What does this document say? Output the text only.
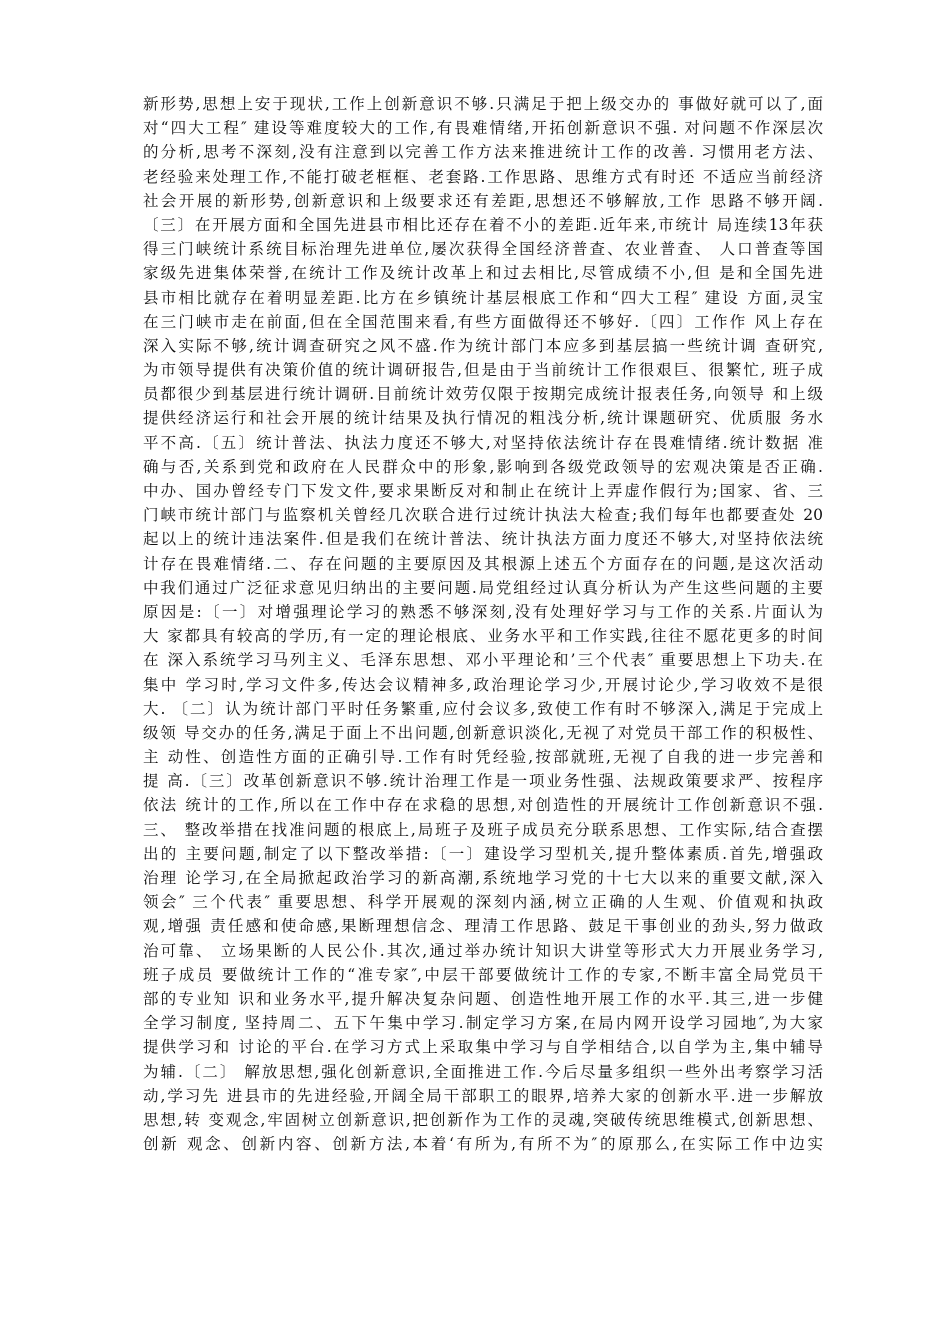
新形势,思想上安于现状,工作上创新意识不够.只满足于把上级交办的 事做好就可以了,面
对“四大工程″ 建设等难度较大的工作,有畏难情绪,开拓创新意识不强. 对问题不作深层次
的分析,思考不深刻,没有注意到以完善工作方法来推进统计工作的改善. 习惯用老方法、
老经验来处理工作,不能打破老框框、老套路.工作思路、思维方式有时还 不适应当前经济
社会开展的新形势,创新意识和上级要求还有差距,思想还不够解放,工作 思路不够开阔.
〔三〕在开展方面和全国先进县市相比还存在着不小的差距.近年来,市统计 局连续13年获
得三门峡统计系统目标治理先进单位,屡次获得全国经济普查、农业普查、 人口普查等国
家级先进集体荣誉,在统计工作及统计改革上和过去相比,尽管成绩不小,但 是和全国先进
县市相比就存在着明显差距.比方在乡镇统计基层根底工作和“四大工程″ 建设 方面,灵宝
在三门峡市走在前面,但在全国范围来看,有些方面做得还不够好.〔四〕工作作 风上存在
深入实际不够,统计调查研究之风不盛.作为统计部门本应多到基层搞一些统计调 查研究,
为市领导提供有决策价值的统计调研报告,但是由于当前统计工作很艰巨、很繁忙, 班子成
员都很少到基层进行统计调研.目前统计效劳仅限于按期完成统计报表任务,向领导 和上级
提供经济运行和社会开展的统计结果及执行情况的粗浅分析,统计课题研究、优质服 务水
平不高.〔五〕统计普法、执法力度还不够大,对坚持依法统计存在畏难情绪.统计数据 准
确与否,关系到党和政府在人民群众中的形象,影响到各级党政领导的宏观决策是否正确.
中办、国办曾经专门下发文件,要求果断反对和制止在统计上弄虚作假行为;国家、省、三
门峡市统计部门与监察机关曾经几次联合进行过统计执法大检查;我们每年也都要查处 20
起以上的统计违法案件.但是我们在统计普法、统计执法方面力度还不够大,对坚持依法统
计存在畏难情绪.二、存在问题的主要原因及其根源上述五个方面存在的问题,是这次活动
中我们通过广泛征求意见归纳出的主要问题.局党组经过认真分析认为产生这些问题的主要
原因是:〔一〕对增强理论学习的熟悉不够深刻,没有处理好学习与工作的关系.片面认为
大 家都具有较高的学历,有一定的理论根底、业务水平和工作实践,往往不愿花更多的时间
在 深入系统学习马列主义、毛泽东思想、邓小平理论和’三个代表″ 重要思想上下功夫.在
集中 学习时,学习文件多,传达会议精神多,政治理论学习少,开展讨论少,学习收效不是很
大. 〔二〕认为统计部门平时任务繁重,应付会议多,致使工作有时不够深入,满足于完成上
级领 导交办的任务,满足于面上不出问题,创新意识淡化,无视了对党员干部工作的积极性、
主 动性、创造性方面的正确引导.工作有时凭经验,按部就班,无视了自我的进一步完善和
提 高.〔三〕改革创新意识不够.统计治理工作是一项业务性强、法规政策要求严、按程序
依法 统计的工作,所以在工作中存在求稳的思想,对创造性的开展统计工作创新意识不强.
三、 整改举措在找准问题的根底上,局班子及班子成员充分联系思想、工作实际,结合查摆
出的 主要问题,制定了以下整改举措:〔一〕建设学习型机关,提升整体素质.首先,增强政
治理 论学习,在全局掀起政治学习的新高潮,系统地学习党的十七大以来的重要文献,深入
领会″ 三个代表″ 重要思想、科学开展观的深刻内涵,树立正确的人生观、价值观和执政
观,增强 责任感和使命感,果断理想信念、理清工作思路、鼓足干事创业的劲头,努力做政
治可靠、 立场果断的人民公仆.其次,通过举办统计知识大讲堂等形式大力开展业务学习,
班子成员 要做统计工作的“准专家″,中层干部要做统计工作的专家,不断丰富全局党员干
部的专业知 识和业务水平,提升解决复杂问题、创造性地开展工作的水平.其三,进一步健
全学习制度, 坚持周二、五下午集中学习.制定学习方案,在局内网开设学习园地″,为大家
提供学习和 讨论的平台.在学习方式上采取集中学习与自学相结合,以自学为主,集中辅导
为辅.〔二〕 解放思想,强化创新意识,全面推进工作.今后尽量多组织一些外出考察学习活
动,学习先 进县市的先进经验,开阔全局干部职工的眼界,培养大家的创新水平.进一步解放
思想,转 变观念,牢固树立创新意识,把创新作为工作的灵魂,突破传统思维模式,创新思想、
创新 观念、创新内容、创新方法,本着‘有所为,有所不为″的原那么,在实际工作中边实
